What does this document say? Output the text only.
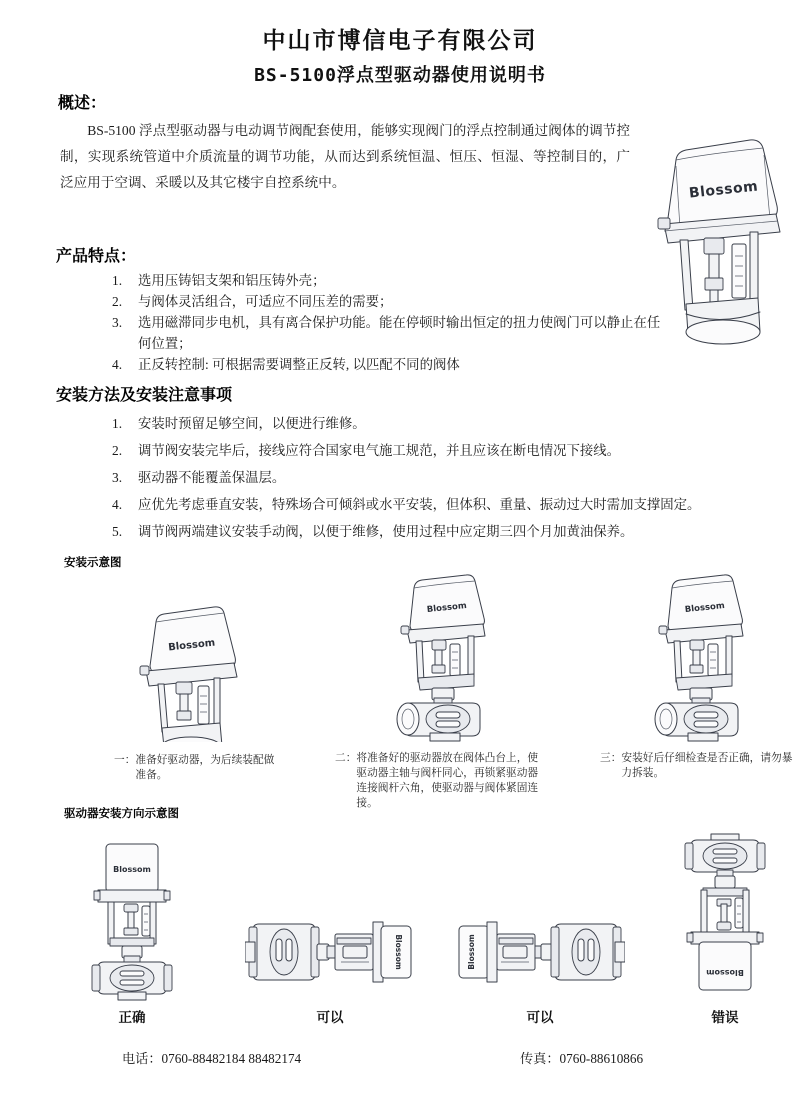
中山市博信电子有限公司
BS-5100浮点型驱动器使用说明书
概述：
BS-5100 浮点型驱动器与电动调节阀配套使用，能够实现阀门的浮点控制通过阀体的调节控制，实现系统管道中介质流量的调节功能，从而达到系统恒温、恒压、恒湿、等控制目的，广泛应用于空调、采暖以及其它楼宇自控系统中。	Blossom
产品特点：
1.	选用压铸铝支架和铝压铸外壳；
2.	与阀体灵活组合，可适应不同压差的需要；
3.	选用磁滞同步电机，具有离合保护功能。能在停顿时输出恒定的扭力使阀门可以静止在任何位置；
4.	正反转控制: 可根据需要调整正反转, 以匹配不同的阀体
安装方法及安装注意事项
1.	安装时预留足够空间，以便进行维修。
2.	调节阀安装完毕后，接线应符合国家电气施工规范，并且应该在断电情况下接线。
3.	驱动器不能覆盖保温层。
4.	应优先考虑垂直安装，特殊场合可倾斜或水平安装，但体积、重量、振动过大时需加支撑固定。
5.	调节阀两端建议安装手动阀，以便于维修，使用过程中应定期三四个月加黄油保养。
安装示意图
Blossom
一： 准备好驱动器，为后续装配做准备。
Blossom
二： 将准备好的驱动器放在阀体凸台上，使驱动器主轴与阀杆同心，再锁紧驱动器连接阀杆六角，使驱动器与阀体紧固连接。
Blossom
三： 安装好后仔细检查是否正确，请勿暴力拆装。
驱动器安装方向示意图
Blossom
正确
Blossom
可以
Blossom
可以
Blossom
错误
电话：0760-88482184 88482174	传真：0760-88610866
